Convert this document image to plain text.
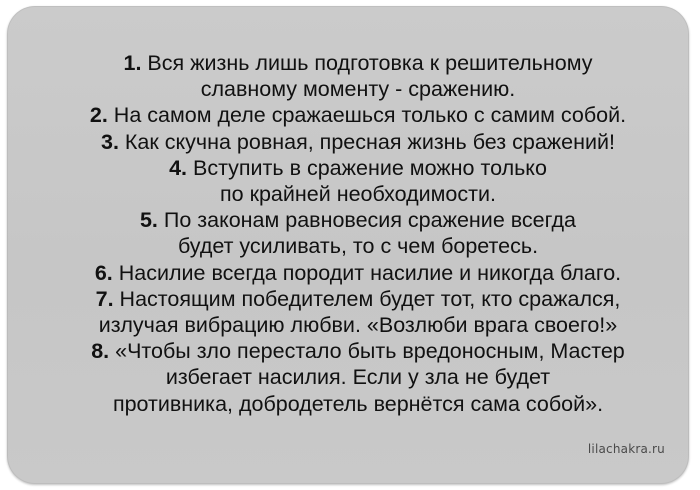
1. Вся жизнь лишь подготовка к решительному
славному моменту - сражению.
2. На самом деле сражаешься только с самим собой.
3. Как скучна ровная, пресная жизнь без сражений!
4. Вступить в сражение можно только
по крайней необходимости.
5. По законам равновесия сражение всегда
будет усиливать, то с чем боретесь.
6. Насилие всегда породит насилие и никогда благо.
7. Настоящим победителем будет тот, кто сражался,
излучая вибрацию любви. «Возлюби врага своего!»
8. «Чтобы зло перестало быть вредоносным, Мастер
избегает насилия. Если у зла не будет
противника, добродетель вернётся сама собой».
lilachakra.ru
